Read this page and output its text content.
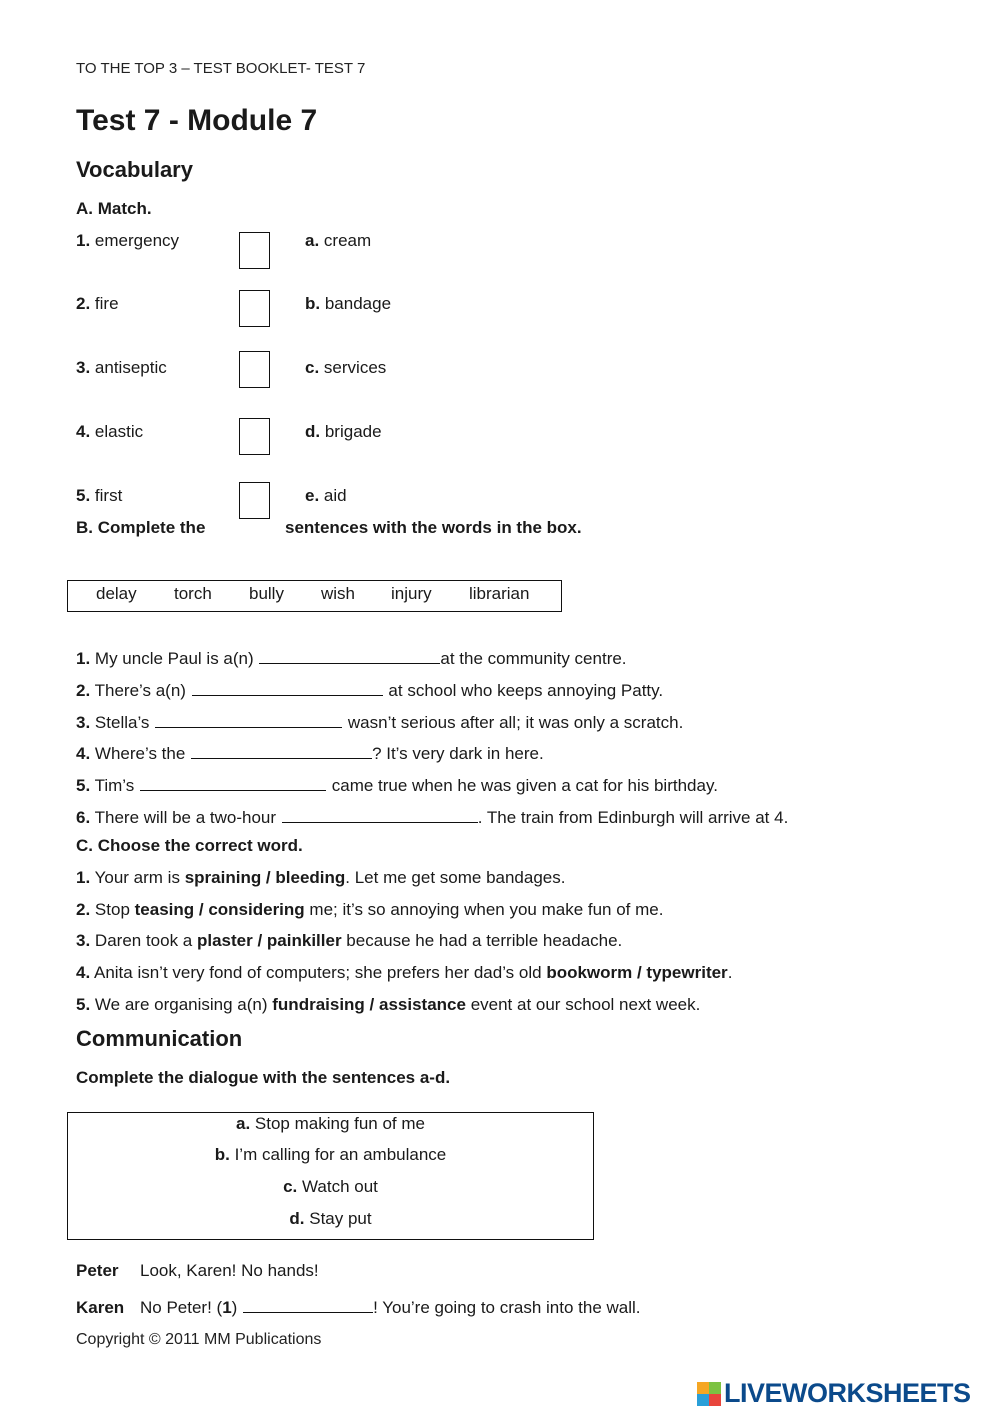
TO THE TOP 3 – TEST BOOKLET- TEST 7
Test 7 - Module 7
Vocabulary
A. Match.
1. emergency	a. cream
2. fire	b. bandage
3. antiseptic	c. services
4. elastic	d. brigade
5. first	e. aid
B. Complete the	sentences with the words in the box.
delay torch bully wish injury librarian
1. My uncle Paul is a(n)	at the community centre.
2. There’s a(n)	at school who keeps annoying Patty.
3. Stella’s	wasn’t serious after all; it was only a scratch.
4. Where’s the	? It’s very dark in here.
5. Tim’s	came true when he was given a cat for his birthday.
6. There will be a two-hour	. The train from Edinburgh will arrive at 4.
C. Choose the correct word.
1. Your arm is spraining / bleeding. Let me get some bandages.
2. Stop teasing / considering me; it’s so annoying when you make fun of me.
3. Daren took a plaster / painkiller because he had a terrible headache.
4. Anita isn’t very fond of computers; she prefers her dad’s old bookworm / typewriter.
5. We are organising a(n) fundraising / assistance event at our school next week.
Communication
Complete the dialogue with the sentences a-d.
a. Stop making fun of me
b. I’m calling for an ambulance
c. Watch out
d. Stay put
Peter Look, Karen! No hands!
Karen No Peter! (1)	! You’re going to crash into the wall.
Copyright © 2011 MM Publications
LIVEWORKSHEETS
